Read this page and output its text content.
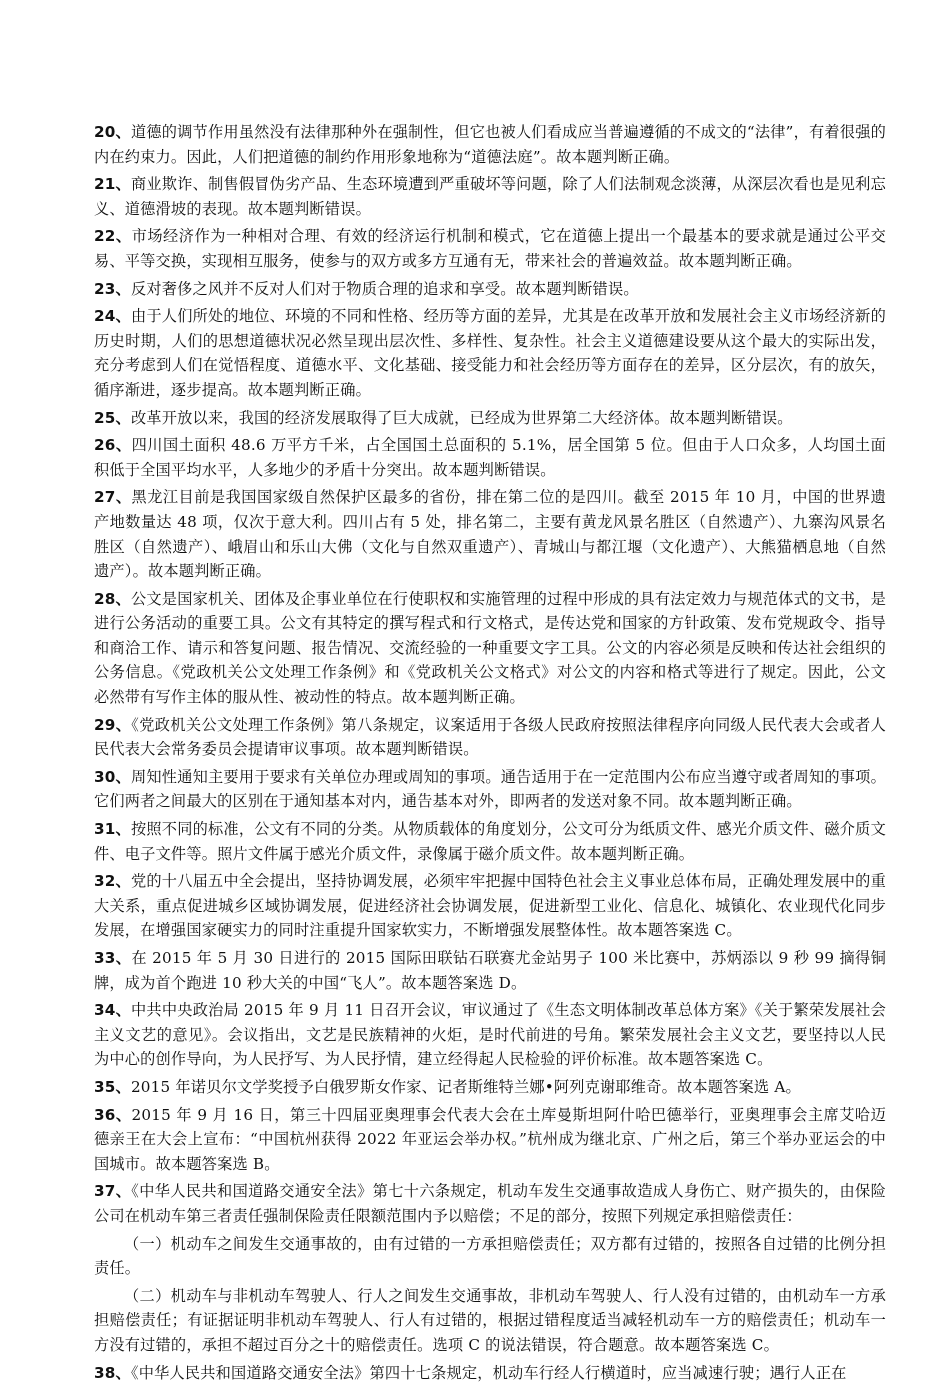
20、道德的调节作用虽然没有法律那种外在强制性，但它也被人们看成应当普遍遵循的不成文的“法律”，有着很强的内在约束力。因此，人们把道德的制约作用形象地称为“道德法庭”。故本题判断正确。

21、商业欺诈、制售假冒伪劣产品、生态环境遭到严重破坏等问题，除了人们法制观念淡薄，从深层次看也是见利忘义、道德滑坡的表现。故本题判断错误。

22、市场经济作为一种相对合理、有效的经济运行机制和模式，它在道德上提出一个最基本的要求就是通过公平交易、平等交换，实现相互服务，使参与的双方或多方互通有无，带来社会的普遍效益。故本题判断正确。

23、反对奢侈之风并不反对人们对于物质合理的追求和享受。故本题判断错误。

24、由于人们所处的地位、环境的不同和性格、经历等方面的差异，尤其是在改革开放和发展社会主义市场经济新的历史时期，人们的思想道德状况必然呈现出层次性、多样性、复杂性。社会主义道德建设要从这个最大的实际出发，充分考虑到人们在觉悟程度、道德水平、文化基础、接受能力和社会经历等方面存在的差异，区分层次，有的放矢，循序渐进，逐步提高。故本题判断正确。

25、改革开放以来，我国的经济发展取得了巨大成就，已经成为世界第二大经济体。故本题判断错误。

26、四川国土面积 48.6 万平方千米，占全国国土总面积的 5.1%，居全国第 5 位。但由于人口众多，人均国土面积低于全国平均水平，人多地少的矛盾十分突出。故本题判断错误。

27、黑龙江目前是我国国家级自然保护区最多的省份，排在第二位的是四川。截至 2015 年 10 月，中国的世界遗产地数量达 48 项，仅次于意大利。四川占有 5 处，排名第二，主要有黄龙风景名胜区（自然遗产）、九寨沟风景名胜区（自然遗产）、峨眉山和乐山大佛（文化与自然双重遗产）、青城山与都江堰（文化遗产）、大熊猫栖息地（自然遗产）。故本题判断正确。

28、公文是国家机关、团体及企事业单位在行使职权和实施管理的过程中形成的具有法定效力与规范体式的文书，是进行公务活动的重要工具。公文有其特定的撰写程式和行文格式，是传达党和国家的方针政策、发布党规政令、指导和商洽工作、请示和答复问题、报告情况、交流经验的一种重要文字工具。公文的内容必须是反映和传达社会组织的公务信息。《党政机关公文处理工作条例》和《党政机关公文格式》对公文的内容和格式等进行了规定。因此，公文必然带有写作主体的服从性、被动性的特点。故本题判断正确。

29、《党政机关公文处理工作条例》第八条规定，议案适用于各级人民政府按照法律程序向同级人民代表大会或者人民代表大会常务委员会提请审议事项。故本题判断错误。

30、周知性通知主要用于要求有关单位办理或周知的事项。通告适用于在一定范围内公布应当遵守或者周知的事项。它们两者之间最大的区别在于通知基本对内，通告基本对外，即两者的发送对象不同。故本题判断正确。

31、按照不同的标准，公文有不同的分类。从物质载体的角度划分，公文可分为纸质文件、感光介质文件、磁介质文件、电子文件等。照片文件属于感光介质文件，录像属于磁介质文件。故本题判断正确。

32、党的十八届五中全会提出，坚持协调发展，必须牢牢把握中国特色社会主义事业总体布局，正确处理发展中的重大关系，重点促进城乡区域协调发展，促进经济社会协调发展，促进新型工业化、信息化、城镇化、农业现代化同步发展，在增强国家硬实力的同时注重提升国家软实力，不断增强发展整体性。故本题答案选 C。

33、在 2015 年 5 月 30 日进行的 2015 国际田联钻石联赛尤金站男子 100 米比赛中，苏炳添以 9 秒 99 摘得铜牌，成为首个跑进 10 秒大关的中国“飞人”。故本题答案选 D。

34、中共中央政治局 2015 年 9 月 11 日召开会议，审议通过了《生态文明体制改革总体方案》《关于繁荣发展社会主义文艺的意见》。会议指出，文艺是民族精神的火炬，是时代前进的号角。繁荣发展社会主义文艺，要坚持以人民为中心的创作导向，为人民抒写、为人民抒情，建立经得起人民检验的评价标准。故本题答案选 C。

35、2015 年诺贝尔文学奖授予白俄罗斯女作家、记者斯维特兰娜•阿列克谢耶维奇。故本题答案选 A。

36、2015 年 9 月 16 日，第三十四届亚奥理事会代表大会在土库曼斯坦阿什哈巴德举行，亚奥理事会主席艾哈迈德亲王在大会上宣布：“中国杭州获得 2022 年亚运会举办权。”杭州成为继北京、广州之后，第三个举办亚运会的中国城市。故本题答案选 B。

37、《中华人民共和国道路交通安全法》第七十六条规定，机动车发生交通事故造成人身伤亡、财产损失的，由保险公司在机动车第三者责任强制保险责任限额范围内予以赔偿；不足的部分，按照下列规定承担赔偿责任：

（一）机动车之间发生交通事故的，由有过错的一方承担赔偿责任；双方都有过错的，按照各自过错的比例分担责任。

（二）机动车与非机动车驾驶人、行人之间发生交通事故，非机动车驾驶人、行人没有过错的，由机动车一方承担赔偿责任；有证据证明非机动车驾驶人、行人有过错的，根据过错程度适当减轻机动车一方的赔偿责任；机动车一方没有过错的，承担不超过百分之十的赔偿责任。选项 C 的说法错误，符合题意。故本题答案选 C。

38、《中华人民共和国道路交通安全法》第四十七条规定，机动车行经人行横道时，应当减速行驶；遇行人正在
